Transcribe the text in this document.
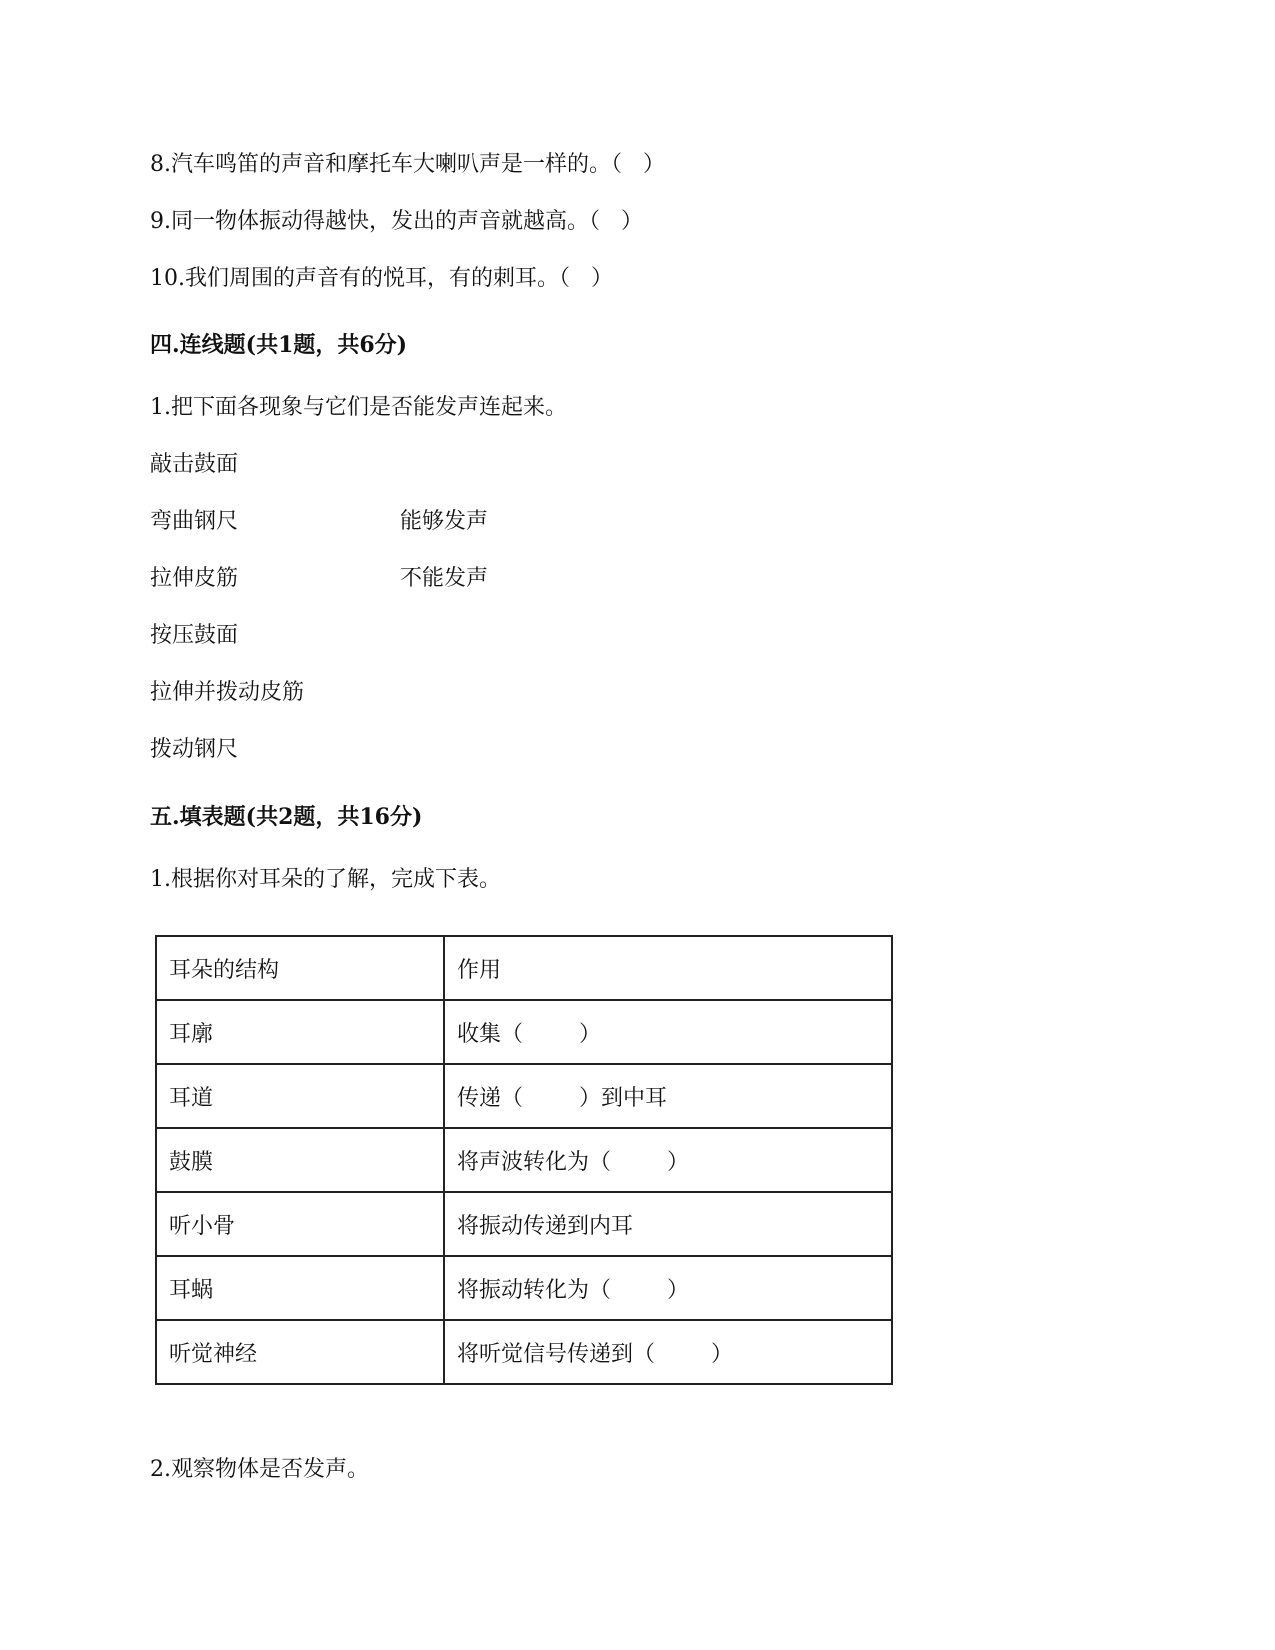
8.汽车鸣笛的声音和摩托车大喇叭声是一样的。（   ）
9.同一物体振动得越快，发出的声音就越高。（   ）
10.我们周围的声音有的悦耳，有的刺耳。（   ）
四.连线题(共1题，共6分)
1.把下面各现象与它们是否能发声连起来。
敲击鼓面
弯曲钢尺	能够发声
拉伸皮筋	不能发声
按压鼓面
拉伸并拨动皮筋
拨动钢尺
五.填表题(共2题，共16分)
1.根据你对耳朵的了解，完成下表。
耳朵的结构	作用
耳廓	收集（        ）
耳道	传递（        ）到中耳
鼓膜	将声波转化为（        ）
听小骨	将振动传递到内耳
耳蜗	将振动转化为（        ）
听觉神经	将听觉信号传递到（        ）
2.观察物体是否发声。
